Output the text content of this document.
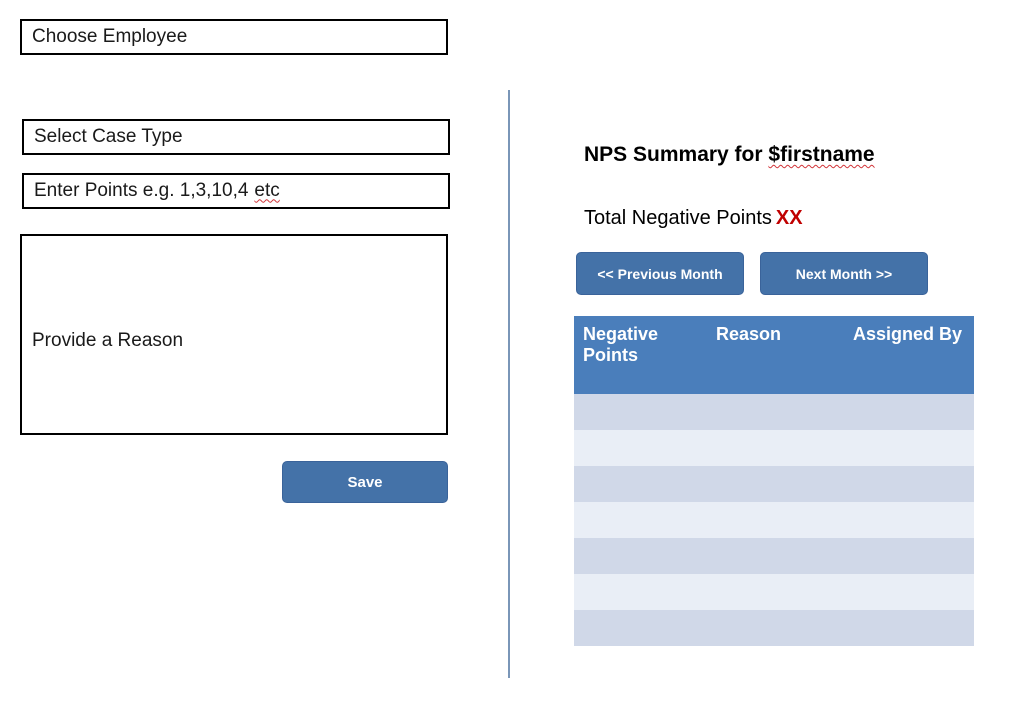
Choose Employee
Select Case Type
Enter Points e.g. 1,3,10,4 etc
Provide a Reason
Save
NPS Summary for $firstname
Total Negative Points XX
<< Previous Month	Next Month >>
Negative Points	Reason	Assigned By
